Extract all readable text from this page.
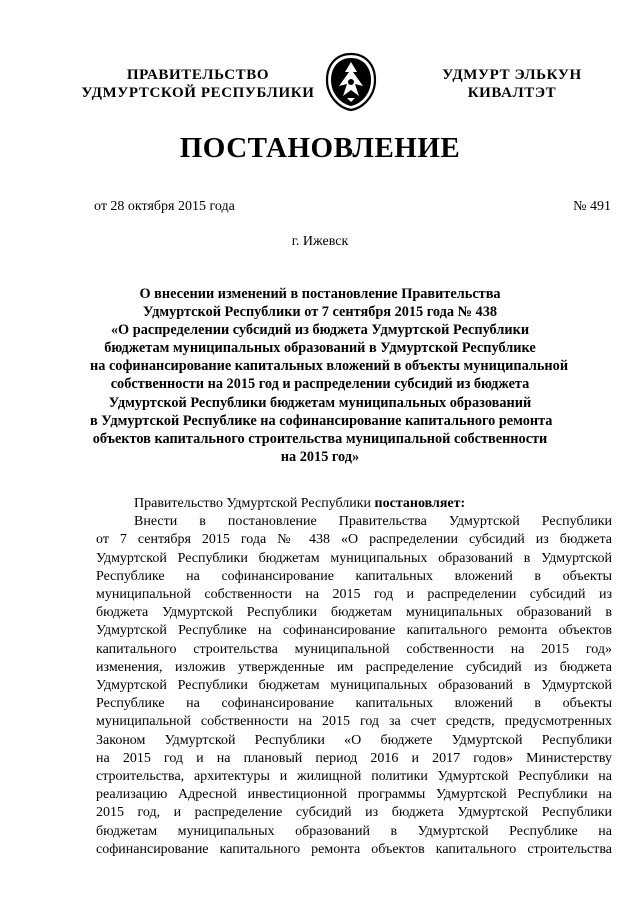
ПРАВИТЕЛЬСТВО
УДМУРТСКОЙ РЕСПУБЛИКИ
УДМУРТ ЭЛЬКУН
КИВАЛТЭТ
ПОСТАНОВЛЕНИЕ
от 28 октября 2015 года	№ 491
г. Ижевск
О внесении изменений в постановление Правительства
Удмуртской Республики от 7 сентября 2015 года № 438
«О распределении субсидий из бюджета Удмуртской Республики
бюджетам муниципальных образований в Удмуртской Республике
на софинансирование капитальных вложений в объекты муниципальной
собственности на 2015 год и распределении субсидий из бюджета
Удмуртской Республики бюджетам муниципальных образований
в Удмуртской Республике на софинансирование капитального ремонта
объектов капитального строительства муниципальной собственности
на 2015 год»
Правительство Удмуртской Республики постановляет:
Внести в постановление Правительства Удмуртской Республики
от 7 сентября 2015 года № 438 «О распределении субсидий из бюджета
Удмуртской Республики бюджетам муниципальных образований в Удмуртской
Республике на софинансирование капитальных вложений в объекты
муниципальной собственности на 2015 год и распределении субсидий из
бюджета Удмуртской Республики бюджетам муниципальных образований в
Удмуртской Республике на софинансирование капитального ремонта объектов
капитального строительства муниципальной собственности на 2015 год»
изменения, изложив утвержденные им распределение субсидий из бюджета
Удмуртской Республики бюджетам муниципальных образований в Удмуртской
Республике на софинансирование капитальных вложений в объекты
муниципальной собственности на 2015 год за счет средств, предусмотренных
Законом Удмуртской Республики «О бюджете Удмуртской Республики
на 2015 год и на плановый период 2016 и 2017 годов» Министерству
строительства, архитектуры и жилищной политики Удмуртской Республики на
реализацию Адресной инвестиционной программы Удмуртской Республики на
2015 год, и распределение субсидий из бюджета Удмуртской Республики
бюджетам муниципальных образований в Удмуртской Республике на
софинансирование капитального ремонта объектов капитального строительства
